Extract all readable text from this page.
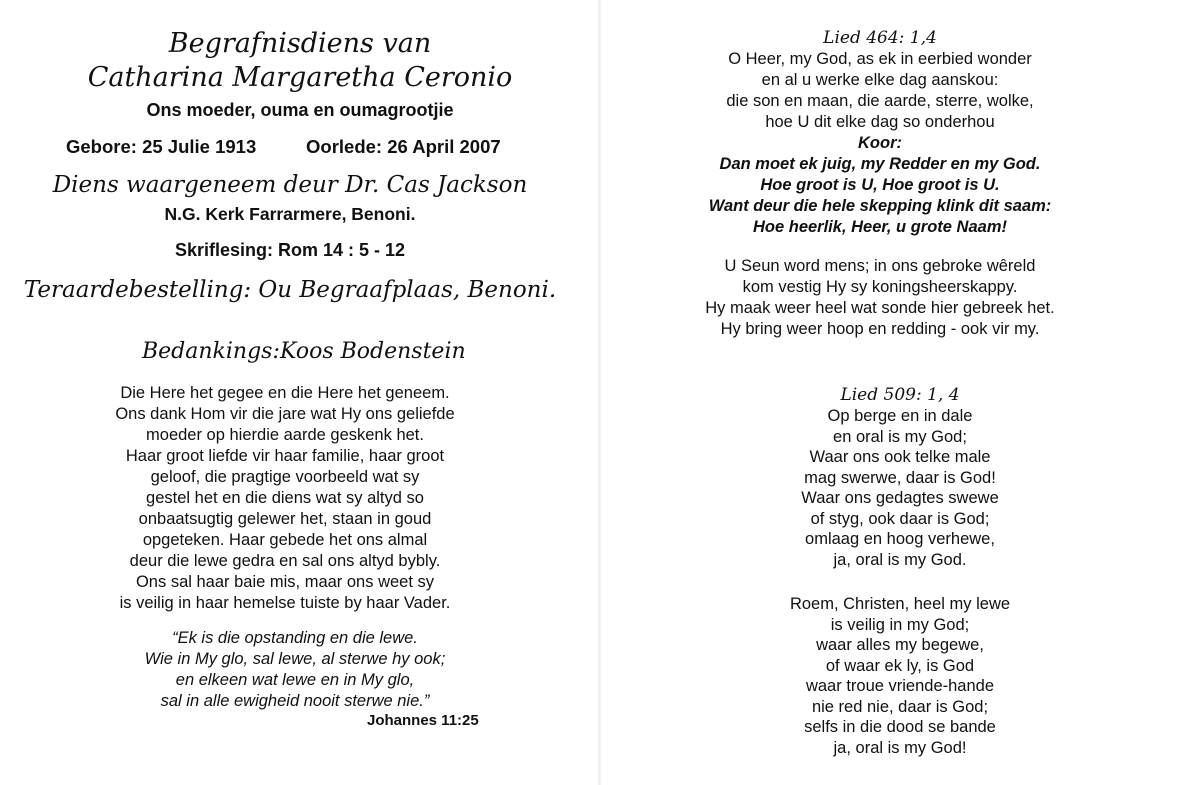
Begrafnisdiens van
Catharina Margaretha Ceronio
Ons moeder, ouma en oumagrootjie
Gebore: 25 Julie 1913	Oorlede: 26 April 2007
Diens waargeneem deur Dr. Cas Jackson
N.G. Kerk Farrarmere, Benoni.
Skriflesing: Rom 14 : 5 - 12
Teraardebestelling: Ou Begraafplaas, Benoni.
Bedankings: Koos Bodenstein
Die Here het gegee en die Here het geneem.
Ons dank Hom vir die jare wat Hy ons geliefde
moeder op hierdie aarde geskenk het.
Haar groot liefde vir haar familie, haar groot
geloof, die pragtige voorbeeld wat sy
gestel het en die diens wat sy altyd so
onbaatsugtig gelewer het, staan in goud
opgeteken. Haar gebede het ons almal
deur die lewe gedra en sal ons altyd bybly.
Ons sal haar baie mis, maar ons weet sy
is veilig in haar hemelse tuiste by haar Vader.
“Ek is die opstanding en die lewe.
Wie in My glo, sal lewe, al sterwe hy ook;
en elkeen wat lewe en in My glo,
sal in alle ewigheid nooit sterwe nie.”
Johannes 11:25
Lied 464: 1,4
O Heer, my God, as ek in eerbied wonder
en al u werke elke dag aanskou:
die son en maan, die aarde, sterre, wolke,
hoe U dit elke dag so onderhou
Koor:
Dan moet ek juig, my Redder en my God.
Hoe groot is U, Hoe groot is U.
Want deur die hele skepping klink dit saam:
Hoe heerlik, Heer, u grote Naam!
U Seun word mens; in ons gebroke wêreld
kom vestig Hy sy koningsheerskappy.
Hy maak weer heel wat sonde hier gebreek het.
Hy bring weer hoop en redding - ook vir my.
Lied 509: 1, 4
Op berge en in dale
en oral is my God;
Waar ons ook telke male
mag swerwe, daar is God!
Waar ons gedagtes swewe
of styg, ook daar is God;
omlaag en hoog verhewe,
ja, oral is my God.
Roem, Christen, heel my lewe
is veilig in my God;
waar alles my begewe,
of waar ek ly, is God
waar troue vriende-hande
nie red nie, daar is God;
selfs in die dood se bande
ja, oral is my God!
